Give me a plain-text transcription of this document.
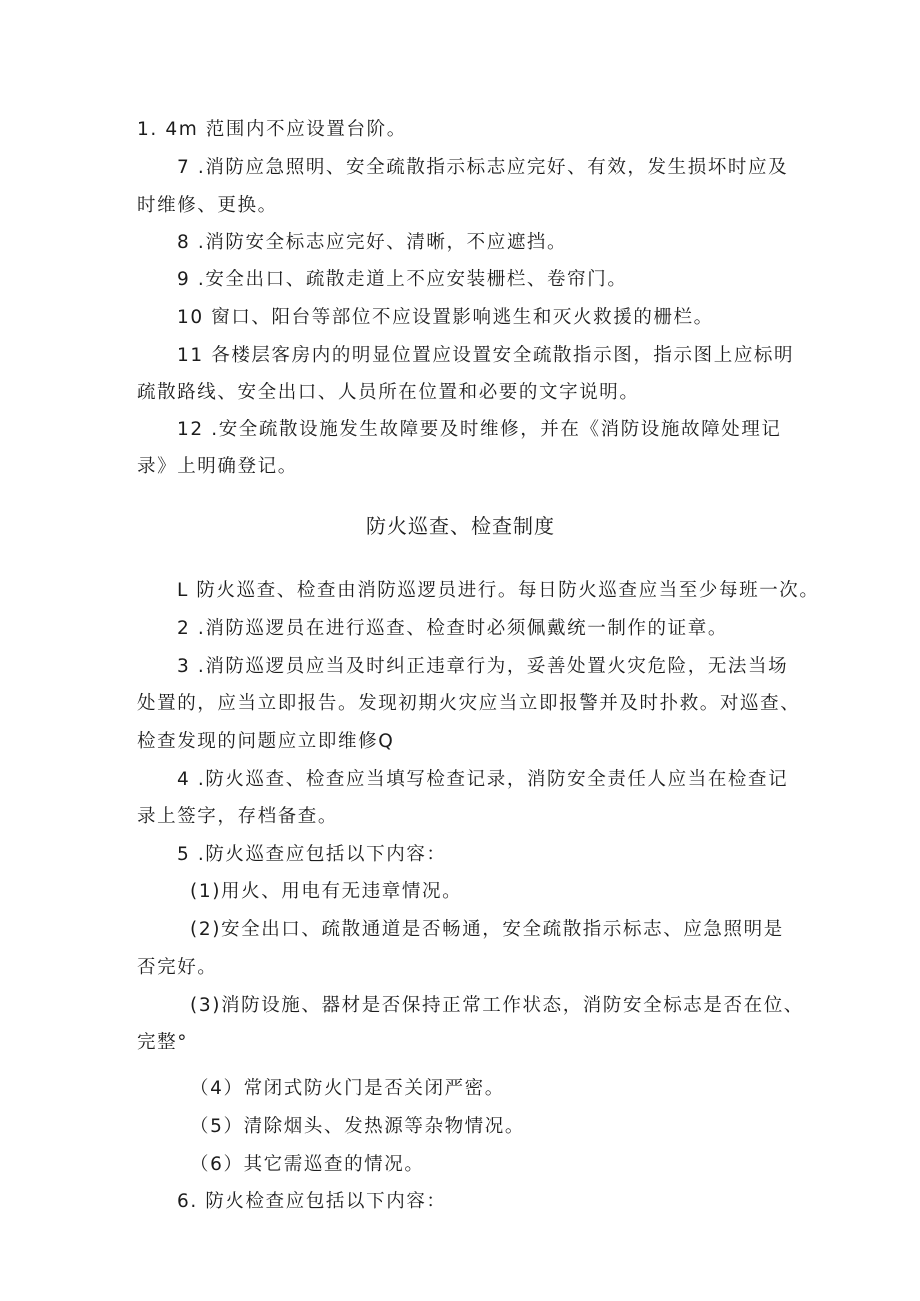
1. 4m 范围内不应设置台阶。
7 .消防应急照明、安全疏散指示标志应完好、有效，发生损坏时应及
时维修、更换。
8 .消防安全标志应完好、清晰，不应遮挡。
9 .安全出口、疏散走道上不应安装栅栏、卷帘门。
10 窗口、阳台等部位不应设置影响逃生和灭火救援的栅栏。
11 各楼层客房内的明显位置应设置安全疏散指示图，指示图上应标明
疏散路线、安全出口、人员所在位置和必要的文字说明。
12 .安全疏散设施发生故障要及时维修，并在《消防设施故障处理记
录》上明确登记。
防火巡查、检查制度
L 防火巡查、检查由消防巡逻员进行。每日防火巡查应当至少每班一次。
2 .消防巡逻员在进行巡查、检查时必须佩戴统一制作的证章。
3 .消防巡逻员应当及时纠正违章行为，妥善处置火灾危险，无法当场
处置的，应当立即报告。发现初期火灾应当立即报警并及时扑救。对巡查、
检查发现的问题应立即维修Q
4 .防火巡查、检查应当填写检查记录，消防安全责任人应当在检查记
录上签字，存档备查。
5 .防火巡查应包括以下内容：
(1)用火、用电有无违章情况。
(2)安全出口、疏散通道是否畅通，安全疏散指示标志、应急照明是
否完好。
(3)消防设施、器材是否保持正常工作状态，消防安全标志是否在位、
完整°
（4）常闭式防火门是否关闭严密。
（5）清除烟头、发热源等杂物情况。
（6）其它需巡查的情况。
6. 防火检查应包括以下内容：
